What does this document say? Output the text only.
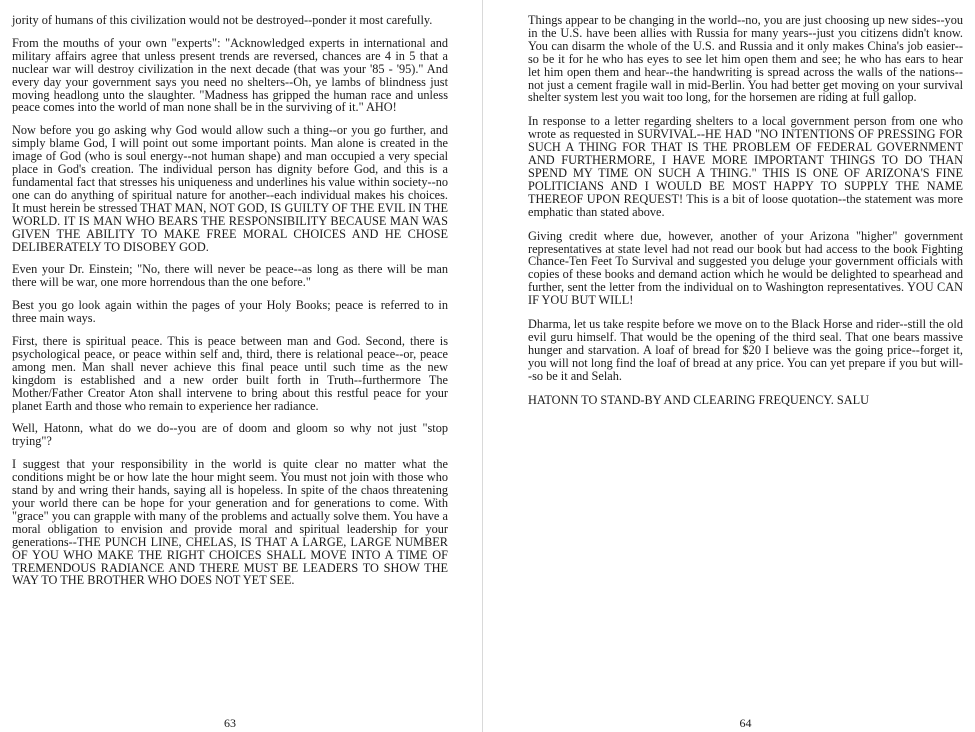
jority of humans of this civilization would not be destroyed--ponder it most carefully.

From the mouths of your own "experts": "Acknowledged experts in international and military affairs agree that unless present trends are reversed, chances are 4 in 5 that a nuclear war will destroy civilization in the next decade (that was your '85 - '95)." And every day your government says you need no shelters--Oh, ye lambs of blindness just moving headlong unto the slaughter. "Madness has gripped the human race and unless peace comes into the world of man none shall be in the surviving of it." AHO!

Now before you go asking why God would allow such a thing--or you go further, and simply blame God, I will point out some important points. Man alone is created in the image of God (who is soul energy--not human shape) and man occupied a very special place in God's creation. The individual person has dignity before God, and this is a fundamental fact that stresses his uniqueness and underlines his value within society--no one can do anything of spiritual nature for another--each individual makes his choices. It must herein be stressed THAT MAN, NOT GOD, IS GUILTY OF THE EVIL IN THE WORLD. IT IS MAN WHO BEARS THE RESPONSIBILITY BECAUSE MAN WAS GIVEN THE ABILITY TO MAKE FREE MORAL CHOICES AND HE CHOSE DELIBERATELY TO DISOBEY GOD.

Even your Dr. Einstein; "No, there will never be peace--as long as there will be man there will be war, one more horrendous than the one before."

Best you go look again within the pages of your Holy Books; peace is referred to in three main ways.

First, there is spiritual peace. This is peace between man and God. Second, there is psychological peace, or peace within self and, third, there is relational peace--or, peace among men. Man shall never achieve this final peace until such time as the new kingdom is established and a new order built forth in Truth--furthermore The Mother/Father Creator Aton shall intervene to bring about this restful peace for your planet Earth and those who remain to experience her radiance.

Well, Hatonn, what do we do--you are of doom and gloom so why not just "stop trying"?

I suggest that your responsibility in the world is quite clear no matter what the conditions might be or how late the hour might seem. You must not join with those who stand by and wring their hands, saying all is hopeless. In spite of the chaos threatening your world there can be hope for your generation and for generations to come. With "grace" you can grapple with many of the problems and actually solve them. You have a moral obligation to envision and provide moral and spiritual leadership for your generations--THE PUNCH LINE, CHELAS, IS THAT A LARGE, LARGE NUMBER OF YOU WHO MAKE THE RIGHT CHOICES SHALL MOVE INTO A TIME OF TREMENDOUS RADIANCE AND THERE MUST BE LEADERS TO SHOW THE WAY TO THE BROTHER WHO DOES NOT YET SEE.

63

Things appear to be changing in the world--no, you are just choosing up new sides--you in the U.S. have been allies with Russia for many years--just you citizens didn't know. You can disarm the whole of the U.S. and Russia and it only makes China's job easier--so be it for he who has eyes to see let him open them and see; he who has ears to hear let him open them and hear--the handwriting is spread across the walls of the nations--not just a cement fragile wall in mid-Berlin. You had better get moving on your survival shelter system lest you wait too long, for the horsemen are riding at full gallop.

In response to a letter regarding shelters to a local government person from one who wrote as requested in SURVIVAL--HE HAD "NO INTENTIONS OF PRESSING FOR SUCH A THING FOR THAT IS THE PROBLEM OF FEDERAL GOVERNMENT AND FURTHERMORE, I HAVE MORE IMPORTANT THINGS TO DO THAN SPEND MY TIME ON SUCH A THING." THIS IS ONE OF ARIZONA'S FINE POLITICIANS AND I WOULD BE MOST HAPPY TO SUPPLY THE NAME THEREOF UPON REQUEST! This is a bit of loose quotation--the statement was more emphatic than stated above.

Giving credit where due, however, another of your Arizona "higher" government representatives at state level had not read our book but had access to the book Fighting Chance-Ten Feet To Survival and suggested you deluge your government officials with copies of these books and demand action which he would be delighted to spearhead and further, sent the letter from the individual on to Washington representatives. YOU CAN IF YOU BUT WILL!

Dharma, let us take respite before we move on to the Black Horse and rider--still the old evil guru himself. That would be the opening of the third seal. That one bears massive hunger and starvation. A loaf of bread for $20 I believe was the going price--forget it, you will not long find the loaf of bread at any price. You can yet prepare if you but will--so be it and Selah.

HATONN TO STAND-BY AND CLEARING FREQUENCY. SALU

64
